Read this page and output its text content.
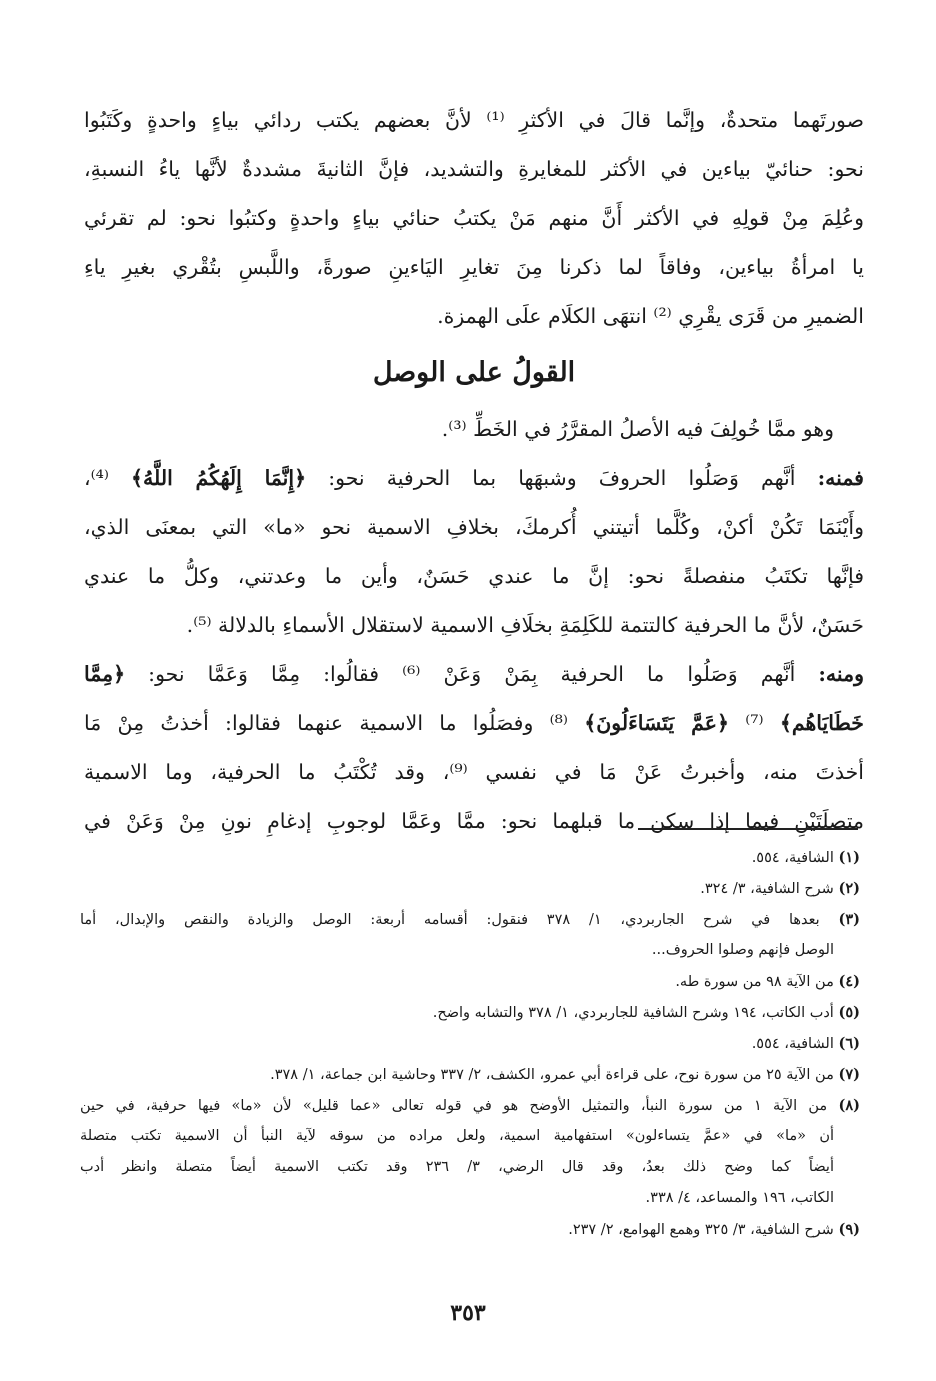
صورتَهما متحدةٌ، وإنَّما قالَ في الأكثرِ ⁽¹⁾ لأنَّ بعضهم يكتب ردائي بياءٍ واحدةٍ وكَتَبُوا
نحو: حنائيّ بياءين في الأكثر للمغايرةِ والتشديد، فإنَّ الثانيةَ مشددةٌ لأنَّها ياءُ النسبةِ،
وعُلِمَ مِنْ قولِهِ في الأكثر أَنَّ منهم مَنْ يكتبُ حنائي بياءٍ واحدةٍ وكتبُوا نحو: لم تقرئي
يا امرأةُ بياءين، وفاقاً لما ذكرنا مِنَ تغايرِ اليَاءينِ صورةً، واللَّبسِ بتُقْري بغيرِ ياءِ
الضميرِ من قَرَى يقْرِي ⁽²⁾ انتهَى الكلَام علَى الهمزة.
القولُ على الوصل
وهو ممَّا خُولِفَ فيه الأصلُ المقرَّرُ في الخَطِّ ⁽³⁾.
فمنه: أنَّهم وَصَلُوا الحروفَ وشبهَها بما الحرفية نحو: ﴿إِنَّمَا إِلَهُكُمُ اللَّهُ﴾ ⁽⁴⁾،
وأَيْنَمَا تَكُنْ أكنْ، وكُلَّما أتيتني أُكرمكَ، بخلافِ الاسمية نحو «ما» التي بمعنَى الذي،
فإنَّها تكتَبُ منفصلةً نحو: إنَّ ما عندي حَسَنٌ، وأين ما وعدتني، وكلُّ ما عندي
حَسَنٌ، لأنَّ ما الحرفية كالتتمة للكَلِمَةِ بخلَافِ الاسمية لاستقلال الأسماءِ بالدلالة ⁽⁵⁾.
ومنه: أنَّهم وَصَلُوا ما الحرفية بِمَنْ وَعَنْ ⁽⁶⁾ فقالُوا: مِمَّا وَعَمَّا نحو: ﴿مِمَّا
خَطَايَاهُم﴾ ⁽⁷⁾ ﴿عَمَّ يَتَسَاءَلُونَ﴾ ⁽⁸⁾ وفصَلُوا ما الاسمية عنهما فقالوا: أخذتُ مِنْ مَا
أخذتَ منه، وأخبرتُ عَنْ مَا في نفسي ⁽⁹⁾، وقد تُكْتَبُ ما الحرفية، وما الاسمية
متصلَتَيْنِ فيما إذا سكن ما قبلهما نحو: ممَّا وعَمَّا لوجوبِ إدغامِ نونِ مِنْ وَعَنْ في
(١) الشافية، ٥٥٤.
(٢) شرح الشافية، ٣/ ٣٢٤.
(٣) بعدها في شرح الجاربردي، ١/ ٣٧٨ فنقول: أقسامه أربعة: الوصل والزيادة والنقص والإبدال، أما
الوصل فإنهم وصلوا الحروف...
(٤) من الآية ٩٨ من سورة طه.
(٥) أدب الكاتب، ١٩٤ وشرح الشافية للجاربردي، ١/ ٣٧٨ والتشابه واضح.
(٦) الشافية، ٥٥٤.
(٧) من الآية ٢٥ من سورة نوح، على قراءة أبي عمرو، الكشف، ٢/ ٣٣٧ وحاشية ابن جماعة، ١/ ٣٧٨.
(٨) من الآية ١ من سورة النبأ، والتمثيل الأوضح هو في قوله تعالى «عما قليل» لأن «ما» فيها حرفية، في حين
أن «ما» في «عمَّ يتساءلون» استفهامية اسمية، ولعل مراده من سوقه لآية النبأ أن الاسمية تكتب متصلة
أيضاً كما وضح ذلك بعدُ، وقد قال الرضي، ٣/ ٢٣٦ وقد تكتب الاسمية أيضاً متصلة وانظر أدب
الكاتب، ١٩٦ والمساعد، ٤/ ٣٣٨.
(٩) شرح الشافية، ٣/ ٣٢٥ وهمع الهوامع، ٢/ ٢٣٧.
٣٥٣
